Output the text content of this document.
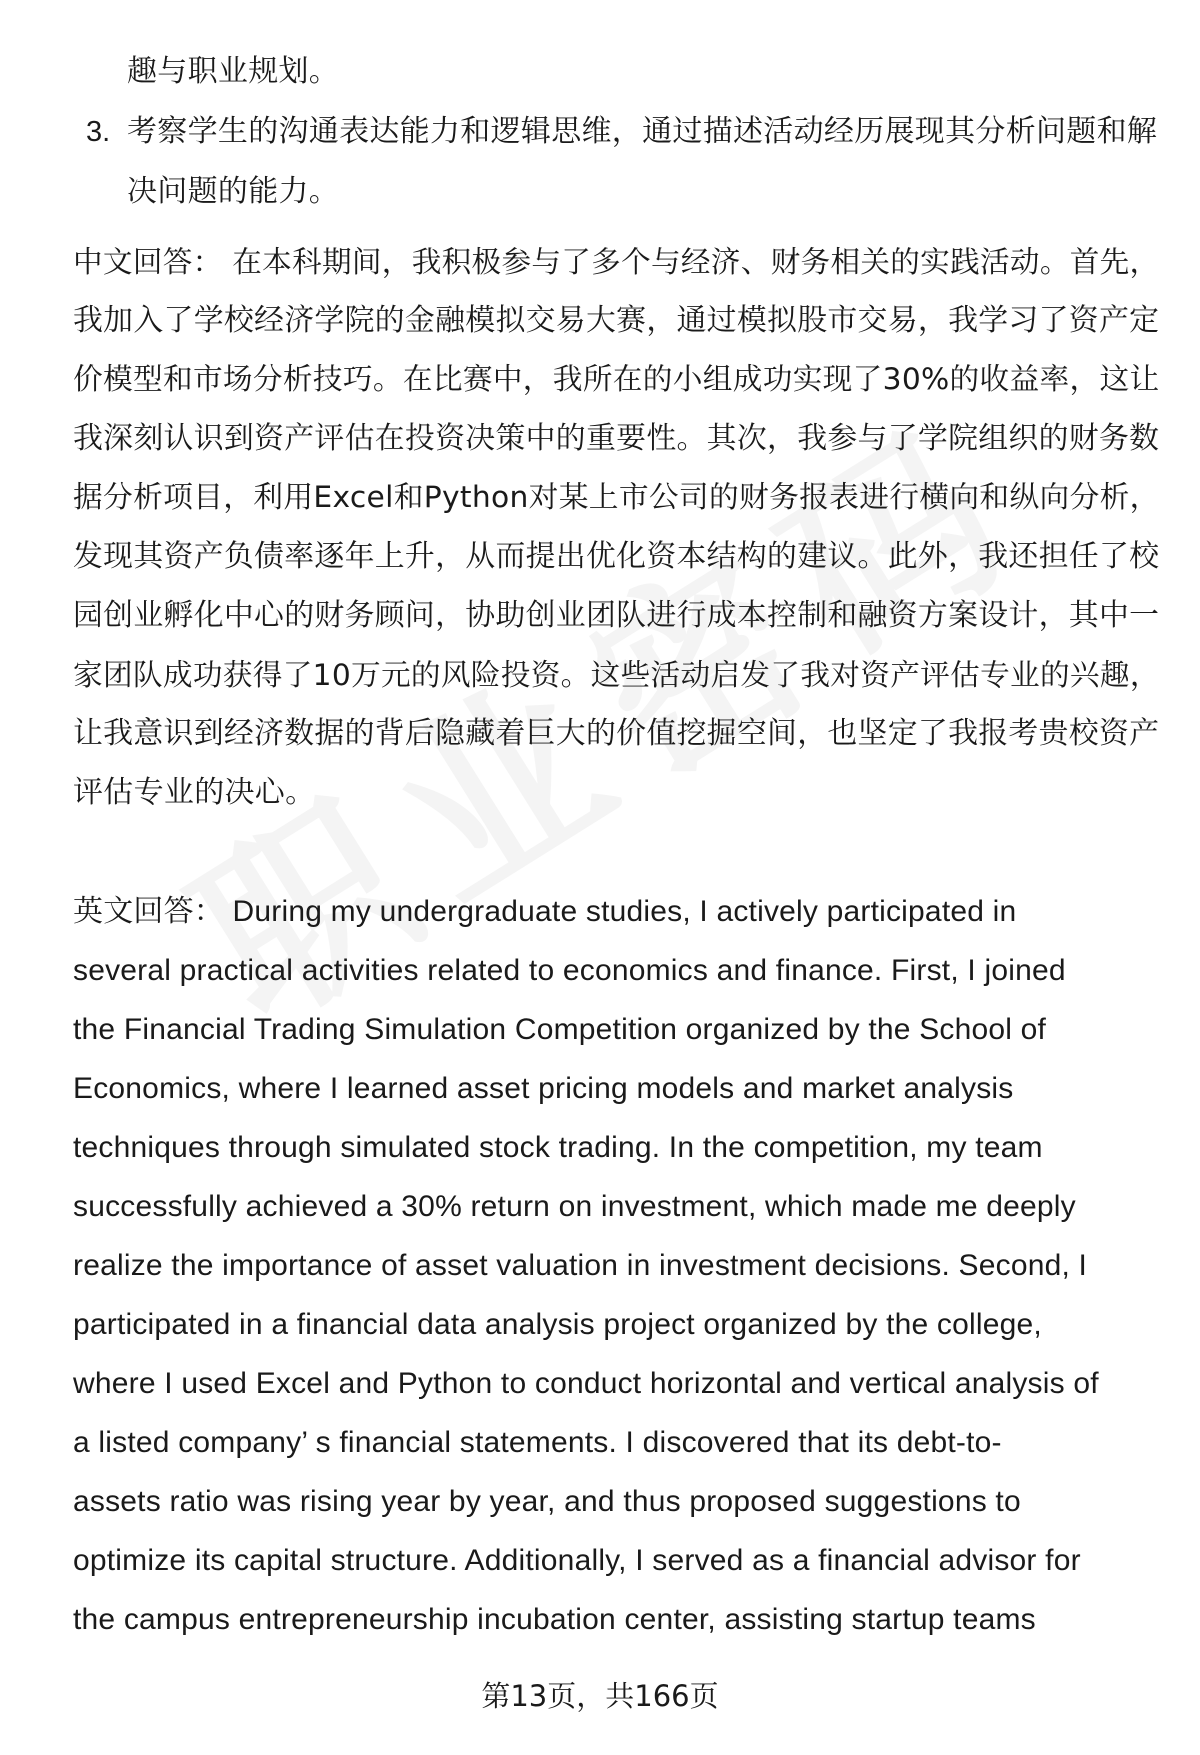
趣与职业规划。
3. 考察学生的沟通表达能力和逻辑思维，通过描述活动经历展现其分析问题和解
决问题的能力。
中文回答： 在本科期间，我积极参与了多个与经济、财务相关的实践活动。首先，
我加入了学校经济学院的金融模拟交易大赛，通过模拟股市交易，我学习了资产定
价模型和市场分析技巧。在比赛中，我所在的小组成功实现了30%的收益率，这让
我深刻认识到资产评估在投资决策中的重要性。其次，我参与了学院组织的财务数
据分析项目，利用Excel和Python对某上市公司的财务报表进行横向和纵向分析，
发现其资产负债率逐年上升，从而提出优化资本结构的建议。此外，我还担任了校
园创业孵化中心的财务顾问，协助创业团队进行成本控制和融资方案设计，其中一
家团队成功获得了10万元的风险投资。这些活动启发了我对资产评估专业的兴趣，
让我意识到经济数据的背后隐藏着巨大的价值挖掘空间，也坚定了我报考贵校资产
评估专业的决心。
英文回答： During my undergraduate studies, I actively participated in
several practical activities related to economics and finance. First, I joined
the Financial Trading Simulation Competition organized by the School of
Economics, where I learned asset pricing models and market analysis
techniques through simulated stock trading. In the competition, my team
successfully achieved a 30% return on investment, which made me deeply
realize the importance of asset valuation in investment decisions. Second, I
participated in a financial data analysis project organized by the college,
where I used Excel and Python to conduct horizontal and vertical analysis of
a listed company’ s financial statements. I discovered that its debt-to-
assets ratio was rising year by year, and thus proposed suggestions to
optimize its capital structure. Additionally, I served as a financial advisor for
the campus entrepreneurship incubation center, assisting startup teams
第13页，共166页
